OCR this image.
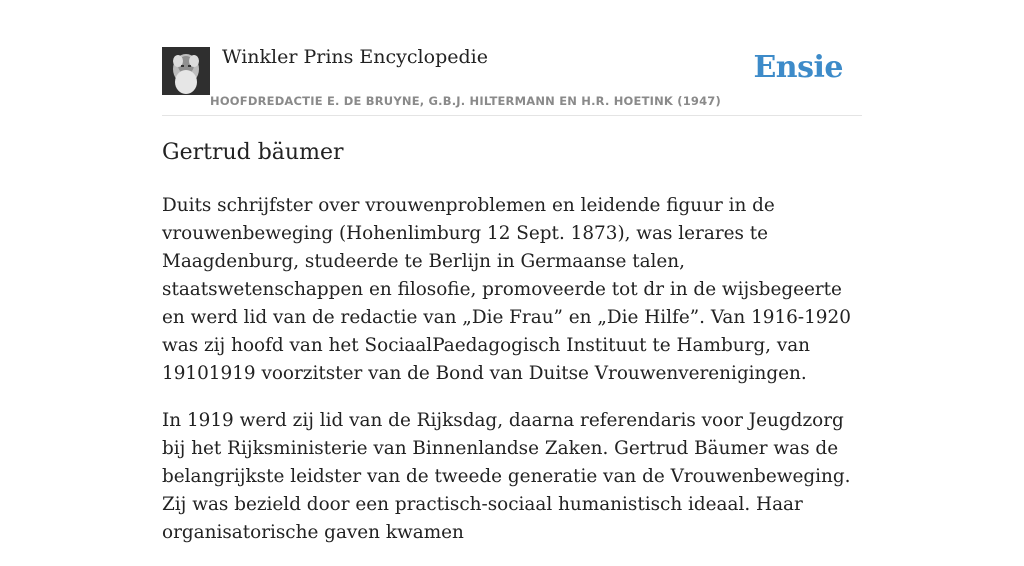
Winkler Prins Encyclopedie
HOOFDREDACTIE E. DE BRUYNE, G.B.J. HILTERMANN EN H.R. HOETINK (1947)
Ensie
Gertrud bäumer

Duits schrijfster over vrouwenproblemen en leidende figuur in de vrouwenbeweging (Hohenlimburg 12 Sept. 1873), was lerares te Maagdenburg, studeerde te Berlijn in Germaanse talen, staatswetenschappen en filosofie, promoveerde tot dr in de wijsbegeerte en werd lid van de redactie van „Die Frau” en „Die Hilfe”. Van 1916-1920 was zij hoofd van het SociaalPaedagogisch Instituut te Hamburg, van 19101919 voorzitster van de Bond van Duitse Vrouwenverenigingen.

In 1919 werd zij lid van de Rijksdag, daarna referendaris voor Jeugdzorg bij het Rijksministerie van Binnenlandse Zaken. Gertrud Bäumer was de belangrijkste leidster van de tweede generatie van de Vrouwenbeweging. Zij was bezield door een practisch-sociaal humanistisch ideaal. Haar organisatorische gaven kwamen
